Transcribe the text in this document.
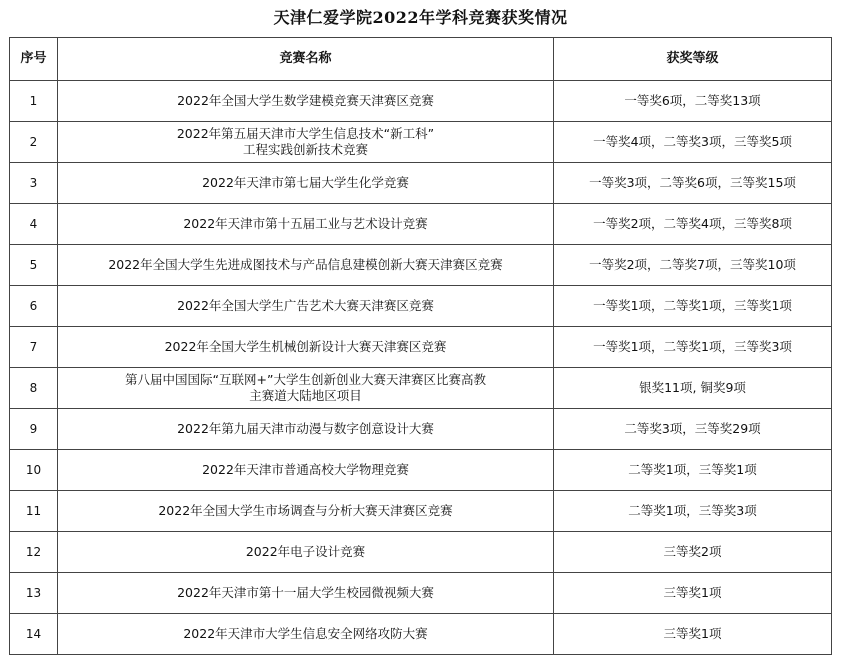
天津仁爱学院2022年学科竞赛获奖情况
序号	竞赛名称	获奖等级
1	2022年全国大学生数学建模竞赛天津赛区竞赛	一等奖6项，二等奖13项
2	2022年第五届天津市大学生信息技术“新工科”
工程实践创新技术竞赛	一等奖4项，二等奖3项，三等奖5项
3	2022年天津市第七届大学生化学竞赛	一等奖3项，二等奖6项，三等奖15项
4	2022年天津市第十五届工业与艺术设计竞赛	一等奖2项，二等奖4项，三等奖8项
5	2022年全国大学生先进成图技术与产品信息建模创新大赛天津赛区竞赛	一等奖2项，二等奖7项，三等奖10项
6	2022年全国大学生广告艺术大赛天津赛区竞赛	一等奖1项，二等奖1项，三等奖1项
7	2022年全国大学生机械创新设计大赛天津赛区竞赛	一等奖1项，二等奖1项，三等奖3项
8	第八届中国国际“互联网+”大学生创新创业大赛天津赛区比赛高教
主赛道大陆地区项目	银奖11项, 铜奖9项
9	2022年第九届天津市动漫与数字创意设计大赛	二等奖3项，三等奖29项
10	2022年天津市普通高校大学物理竞赛	二等奖1项，三等奖1项
11	2022年全国大学生市场调查与分析大赛天津赛区竞赛	二等奖1项，三等奖3项
12	2022年电子设计竞赛	三等奖2项
13	2022年天津市第十一届大学生校园微视频大赛	三等奖1项
14	2022年天津市大学生信息安全网络攻防大赛	三等奖1项
